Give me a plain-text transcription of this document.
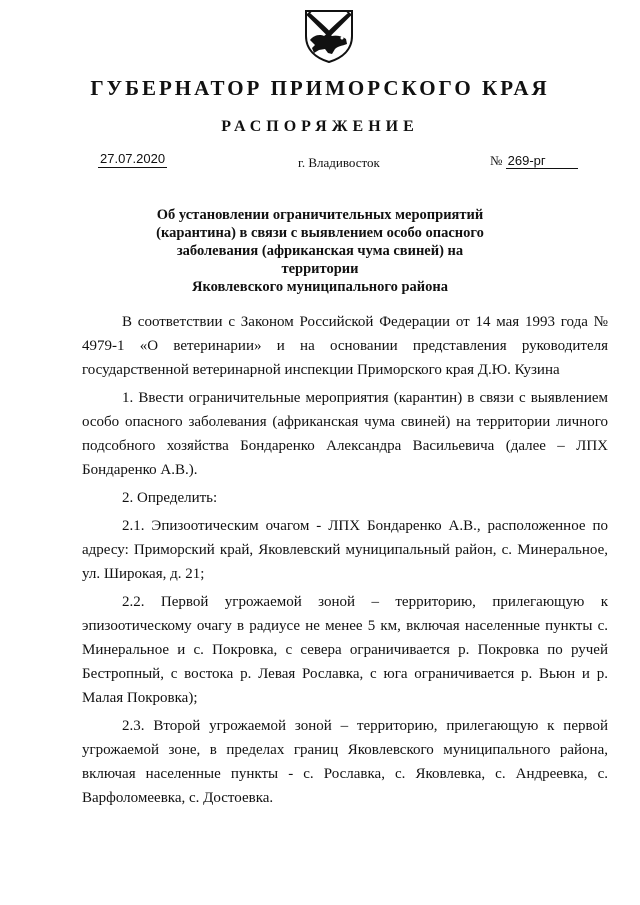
ГУБЕРНАТОР ПРИМОРСКОГО КРАЯ
РАСПОРЯЖЕНИЕ
27.07.2020	г. Владивосток	№ 269-рг
Об установлении ограничительных мероприятий
(карантина) в связи с выявлением особо опасного
заболевания (африканская чума свиней) на территории
Яковлевского муниципального района

В соответствии с Законом Российской Федерации от 14 мая 1993 года № 4979-1 «О ветеринарии» и на основании представления руководителя государственной ветеринарной инспекции Приморского края Д.Ю. Кузина

1. Ввести ограничительные мероприятия (карантин) в связи с выявлением особо опасного заболевания (африканская чума свиней) на территории личного подсобного хозяйства Бондаренко Александра Васильевича (далее – ЛПХ Бондаренко А.В.).

2. Определить:

2.1. Эпизоотическим очагом - ЛПХ Бондаренко А.В., расположенное по адресу: Приморский край, Яковлевский муниципальный район, с. Минеральное, ул. Широкая, д. 21;

2.2. Первой угрожаемой зоной – территорию, прилегающую к эпизоотическому очагу в радиусе не менее 5 км, включая населенные пункты с. Минеральное и с. Покровка, с севера ограничивается р. Покровка по ручей Бестропный, с востока р. Левая Рославка, с юга ограничивается р. Вьюн и р. Малая Покровка);

2.3. Второй угрожаемой зоной – территорию, прилегающую к первой угрожаемой зоне, в пределах границ Яковлевского муниципального района, включая населенные пункты - с. Рославка, с. Яковлевка, с. Андреевка, с. Варфоломеевка, с. Достоевка.
